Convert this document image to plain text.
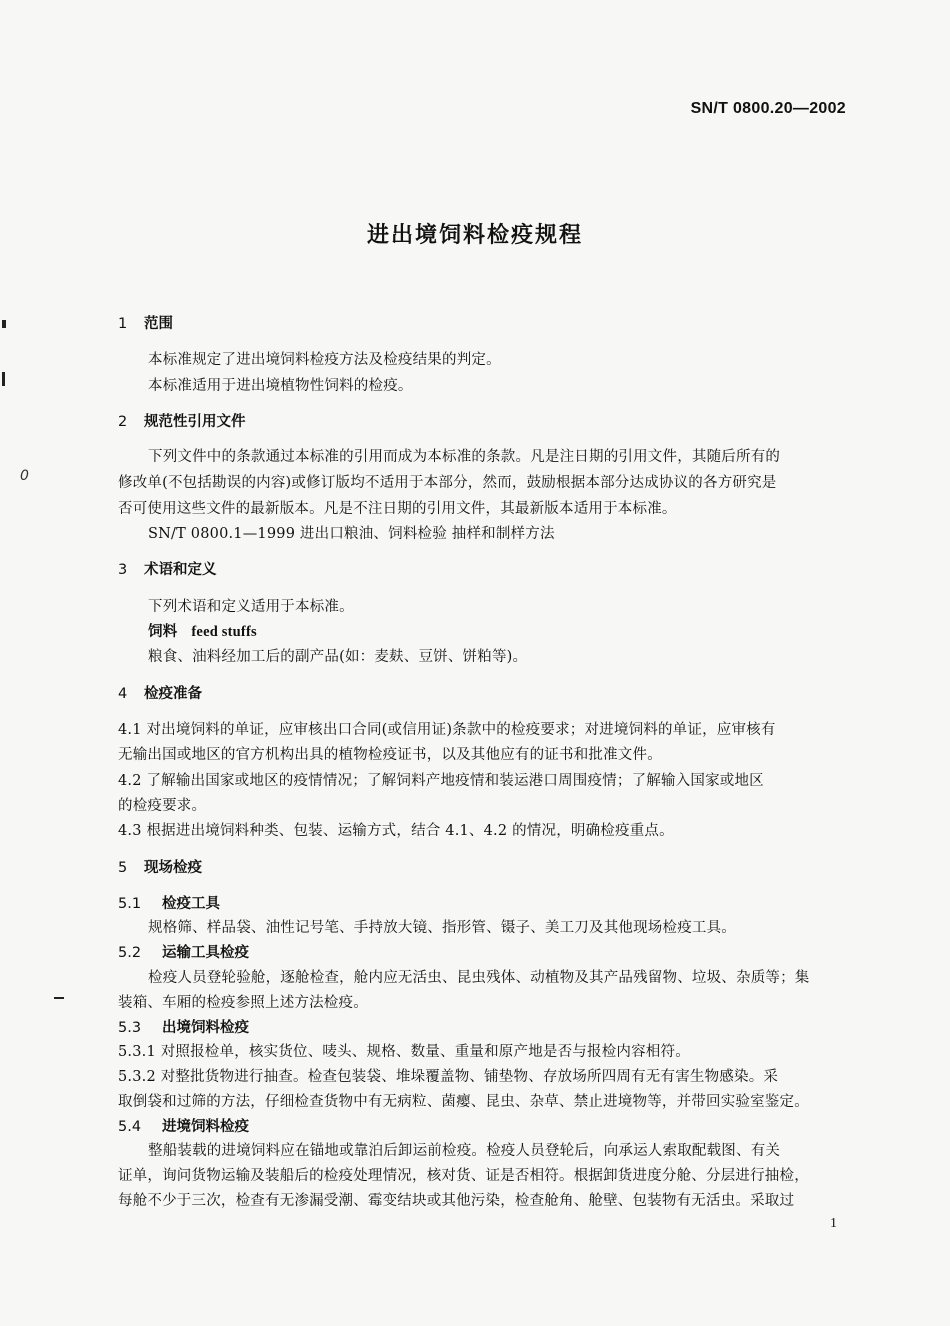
SN/T 0800.20—2002
进出境饲料检疫规程
0
1 范围
本标准规定了进出境饲料检疫方法及检疫结果的判定。
本标准适用于进出境植物性饲料的检疫。
2 规范性引用文件
下列文件中的条款通过本标准的引用而成为本标准的条款。凡是注日期的引用文件，其随后所有的
修改单(不包括勘误的内容)或修订版均不适用于本部分，然而，鼓励根据本部分达成协议的各方研究是
否可使用这些文件的最新版本。凡是不注日期的引用文件，其最新版本适用于本标准。
SN/T 0800.1—1999 进出口粮油、饲料检验 抽样和制样方法
3 术语和定义
下列术语和定义适用于本标准。
饲料 feed stuffs
粮食、油料经加工后的副产品(如：麦麸、豆饼、饼粕等)。
4 检疫准备
4.1 对出境饲料的单证，应审核出口合同(或信用证)条款中的检疫要求；对进境饲料的单证，应审核有
无输出国或地区的官方机构出具的植物检疫证书，以及其他应有的证书和批准文件。
4.2 了解输出国家或地区的疫情情况；了解饲料产地疫情和装运港口周围疫情；了解输入国家或地区
的检疫要求。
4.3 根据进出境饲料种类、包装、运输方式，结合 4.1、4.2 的情况，明确检疫重点。
5 现场检疫
5.1 检疫工具
规格筛、样品袋、油性记号笔、手持放大镜、指形管、镊子、美工刀及其他现场检疫工具。
5.2 运输工具检疫
检疫人员登轮验舱，逐舱检查，舱内应无活虫、昆虫残体、动植物及其产品残留物、垃圾、杂质等；集
装箱、车厢的检疫参照上述方法检疫。
5.3 出境饲料检疫
5.3.1 对照报检单，核实货位、唛头、规格、数量、重量和原产地是否与报检内容相符。
5.3.2 对整批货物进行抽查。检查包装袋、堆垛覆盖物、铺垫物、存放场所四周有无有害生物感染。采
取倒袋和过筛的方法，仔细检查货物中有无病粒、菌瘿、昆虫、杂草、禁止进境物等，并带回实验室鉴定。
5.4 进境饲料检疫
整船装载的进境饲料应在锚地或靠泊后卸运前检疫。检疫人员登轮后，向承运人索取配载图、有关
证单，询问货物运输及装船后的检疫处理情况，核对货、证是否相符。根据卸货进度分舱、分层进行抽检，
每舱不少于三次，检查有无渗漏受潮、霉变结块或其他污染，检查舱角、舱壁、包装物有无活虫。采取过
1
